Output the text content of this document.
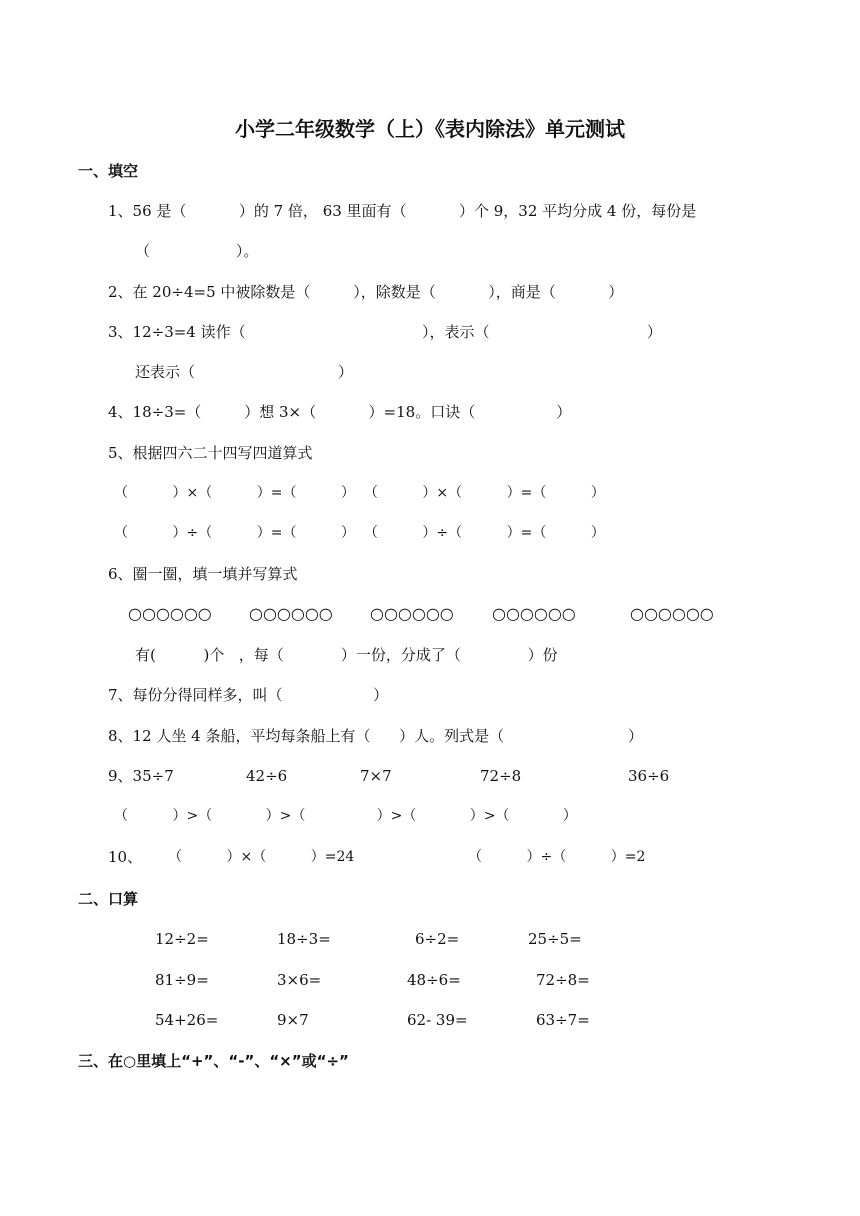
小学二年级数学（上）《表内除法》单元测试
一、填空
1、56 是（           ）的 7 倍， 63 里面有（           ）个 9，32 平均分成 4 份，每份是
（                  ）。
2、在 20÷4=5 中被除数是（         ），除数是（           ），商是（           ）
3、12÷3=4 读作（                                     ），表示（                                 ）
还表示（                              ）
4、18÷3=（         ）想 3×（           ）=18。口诀（                 ）
5、根据四六二十四写四道算式
（          ）×（          ）=（          ）  （          ）×（          ）=（          ）
（          ）÷（          ）=（          ）  （          ）÷（          ）=（          ）
6、圈一圈，填一填并写算式
○○○○○○ ○○○○○○ ○○○○○○ ○○○○○○	○○○○○○
有(          )个   ，每（            ）一份，分成了（              ）份
7、每份分得同样多，叫（                   ）
8、12 人坐 4 条船，平均每条船上有（      ）人。列式是（                          ）
9、35÷7	42÷6	7×7	72÷8	36÷6
（          ）>（            ）>（                ）>（            ）>（            ）
10、 （          ）×（          ）=24	（          ）÷（          ）=2
二、口算
12÷2=	18÷3=	6÷2=	25÷5=
81÷9=	3×6=	48÷6=	72÷8=
54+26=	9×7	62- 39=	63÷7=
三、在○里填上“+”、“-”、“×”或“÷”
